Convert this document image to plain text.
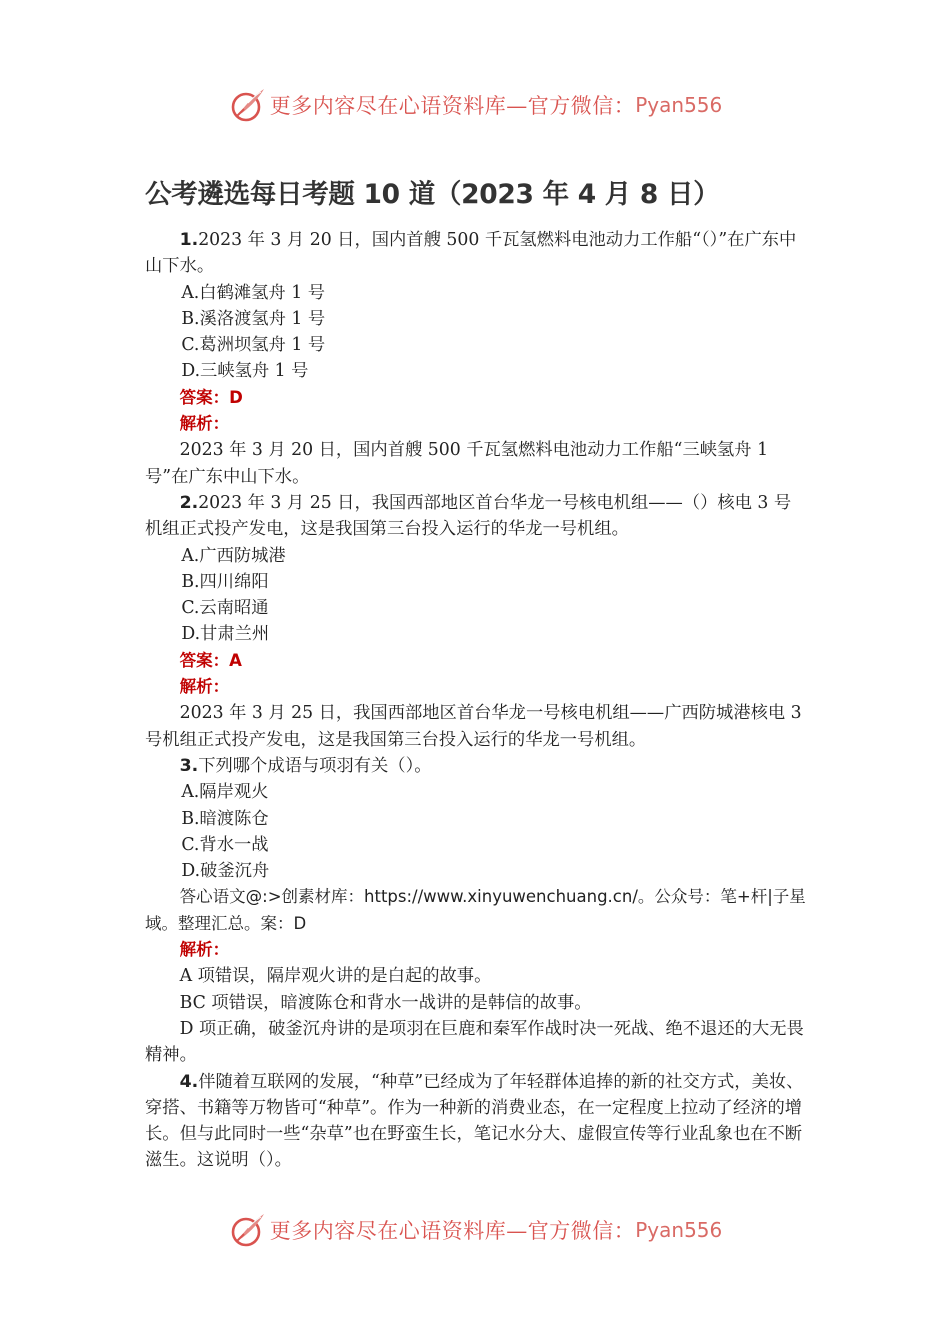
更多内容尽在心语资料库—官方微信： Pyan556
公考遴选每日考题 10 道（2023 年 4 月 8 日）

1.2023 年 3 月 20 日，国内首艘 500 千瓦氢燃料电池动力工作船“（）”在广东中山下水。

A.白鹤滩氢舟 1 号

B.溪洛渡氢舟 1 号

C.葛洲坝氢舟 1 号

D.三峡氢舟 1 号

答案：D

解析：

2023 年 3 月 20 日，国内首艘 500 千瓦氢燃料电池动力工作船“三峡氢舟 1 号”在广东中山下水。

2.2023 年 3 月 25 日，我国西部地区首台华龙一号核电机组——（）核电 3 号机组正式投产发电，这是我国第三台投入运行的华龙一号机组。

A.广西防城港

B.四川绵阳

C.云南昭通

D.甘肃兰州

答案：A

解析：

2023 年 3 月 25 日，我国西部地区首台华龙一号核电机组——广西防城港核电 3 号机组正式投产发电，这是我国第三台投入运行的华龙一号机组。

3.下列哪个成语与项羽有关（）。

A.隔岸观火

B.暗渡陈仓

C.背水一战

D.破釜沉舟

答心语文@:>创素材库：https://www.xinyuwenchuang.cn/。公众号：笔+杆|子星域。整理汇总。案：D

解析：

A 项错误，隔岸观火讲的是白起的故事。

BC 项错误，暗渡陈仓和背水一战讲的是韩信的故事。

D 项正确，破釜沉舟讲的是项羽在巨鹿和秦军作战时决一死战、绝不退还的大无畏精神。

4.伴随着互联网的发展，“种草”已经成为了年轻群体追捧的新的社交方式，美妆、穿搭、书籍等万物皆可“种草”。作为一种新的消费业态，在一定程度上拉动了经济的增长。但与此同时一些“杂草”也在野蛮生长，笔记水分大、虚假宣传等行业乱象也在不断滋生。这说明（）。

更多内容尽在心语资料库—官方微信： Pyan556
